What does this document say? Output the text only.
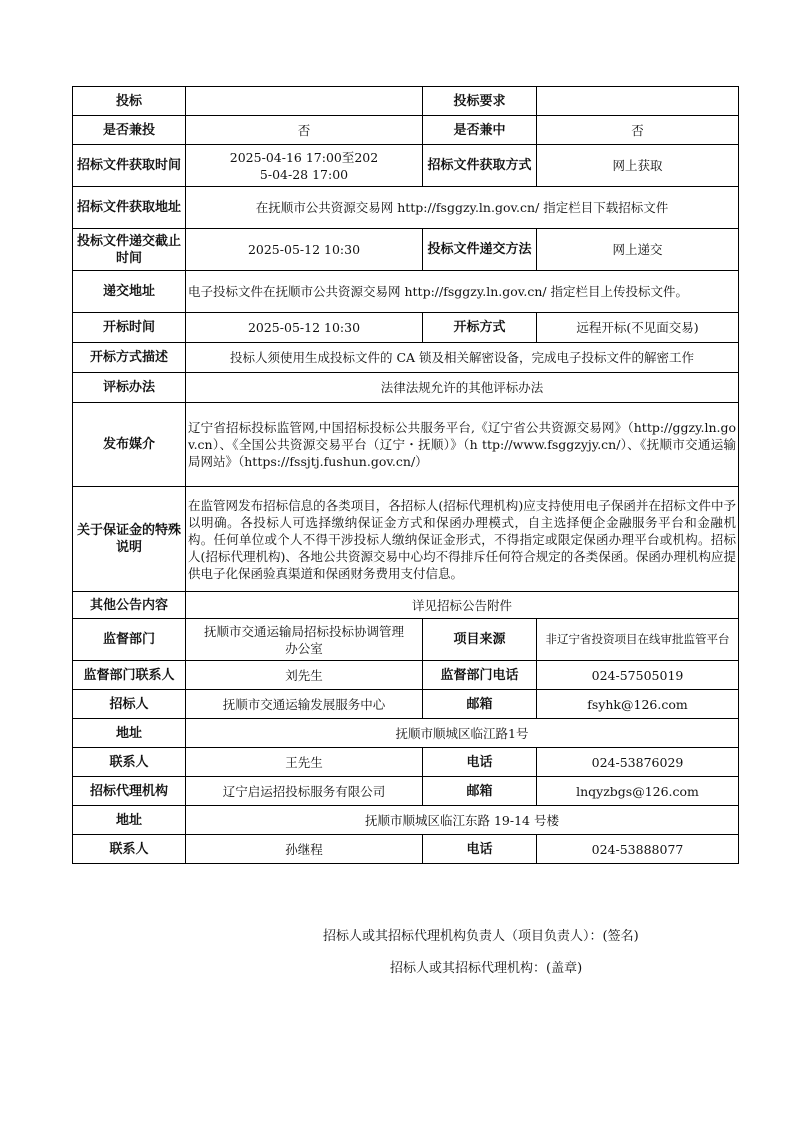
投标		投标要求	
是否兼投	否	是否兼中	否
招标文件获取时间	2025-04-16 17:00至2025-04-28 17:00	招标文件获取方式	网上获取
招标文件获取地址	在抚顺市公共资源交易网 http://fsggzy.ln.gov.cn/ 指定栏目下载招标文件		
投标文件递交截止时间	2025-05-12 10:30	投标文件递交方法	网上递交
递交地址	电子投标文件在抚顺市公共资源交易网 http://fsggzy.ln.gov.cn/ 指定栏目上传投标文件。		
开标时间	2025-05-12 10:30	开标方式	远程开标(不见面交易)
开标方式描述	投标人须使用生成投标文件的 CA 锁及相关解密设备，完成电子投标文件的解密工作		
评标办法	法律法规允许的其他评标办法		
发布媒介	辽宁省招标投标监管网,中国招标投标公共服务平台,《辽宁省公共资源交易网》（http://ggzy.ln.gov.cn）、《全国公共资源交易平台（辽宁・抚顺）》（h ttp://www.fsggzyjy.cn/）、《抚顺市交通运输局网站》（https://fssjtj.fushun.gov.cn/）		
关于保证金的特殊说明	在监管网发布招标信息的各类项目，各招标人(招标代理机构)应支持使用电子保函并在招标文件中予以明确。各投标人可选择缴纳保证金方式和保函办理模式，自主选择便企金融服务平台和金融机构。任何单位或个人不得干涉投标人缴纳保证金形式，不得指定或限定保函办理平台或机构。招标人(招标代理机构)、各地公共资源交易中心均不得排斥任何符合规定的各类保函。保函办理机构应提供电子化保函验真渠道和保函财务费用支付信息。		
其他公告内容	详见招标公告附件		
监督部门	抚顺市交通运输局招标投标协调管理办公室	项目来源	非辽宁省投资项目在线审批监管平台
监督部门联系人	刘先生	监督部门电话	024-57505019
招标人	抚顺市交通运输发展服务中心	邮箱	fsyhk@126.com
地址	抚顺市顺城区临江路1号		
联系人	王先生	电话	024-53876029
招标代理机构	辽宁启运招投标服务有限公司	邮箱	lnqyzbgs@126.com
地址	抚顺市顺城区临江东路 19-14 号楼		
联系人	孙继程	电话	024-53888077
招标人或其招标代理机构负责人（项目负责人）：(签名)
招标人或其招标代理机构：(盖章)
